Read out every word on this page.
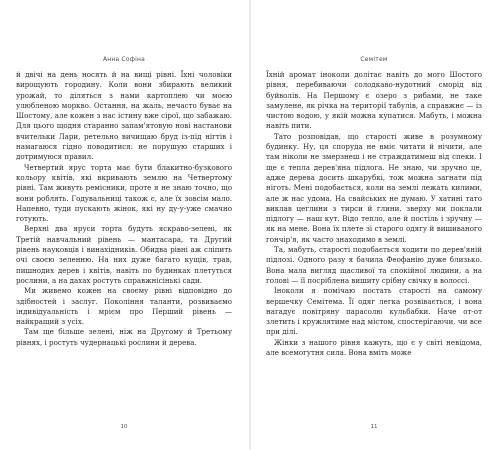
Анна Софіна

й двічі на день носять й на вищі рівні. Їхні чоловіки вирощують городину. Коли вони збирають великий урожай, то діляться з нами картоплею чи моєю улюбленою моркво. Остання, на жаль, нечасто буває на Шостому, але кожен з нас істину вже сірої, що забажаю. Для цього щодня старанно запам'ятовую нові настанови вчительки Лари, ретельно вичищаю бруд із-під нігтів і намагаюся гідно поводитися: не порушую старших і дотримуюся правил.

Четвертий ярус торта має бути блакитно-бузкового кольору квітів, які вкривають землю на Четвертому рівні. Там живуть ремісники, проте я не знаю точно, що вони роблять. Годувальниці також є, але їх зовсім мало. Напевно, туди пускають жінок, які ну ду-у-уже смачно готують.

Верхні два яруси торта будуть яскраво-зелені, як Третій навчальний рівень — мантасара, та Другий рівень науковців і винахідників. Обидва рівні аж сліпить очі своєю зеленню. На них дуже багато кущів, трав, пишнодих дерев і квітів, навіть по будинках плетуться рослини, а на дахах ростуть справжнісінькі сади.

Ми живемо кожен на своєму рівні відповідно до здібностей і заслуг. Покоління таланти, розвиваємо індивідуальність і мрієм про Перший рівень — найкращий з усіх.

Там ще більше зелені, ніж на Другому й Третьому рівнях, і ростуть чудернацькі рослини й дерева.

10
Семітем

Їхній аромат іноколи долітає навіть до мого Шостого рівня, перебиваючи солодкаво-нудотний сморід від буйволів. На Першому є озеро з рибами, не таке замулене, як річка на території табулів, а справжнє — із чистою водою, у якій можна купатися. Мабуть, і можна навіть пити.

Тато розповідав, що старості живе в розумному будинку. Ну, ця споруда не вміє читати й нічити, але там ніколи не змерзнеш і не страждатимеш від спеки. І ще є тепла дерев'яна підлога. Не знаю, чи зручно це, адже дерева досить шкарубкі, тож можна загнати під ніготь. Мені подобається, коли на землі лежать килими, але ж нас удома. На свайських не думаю. У хатині тато виклав цеглини з тирси й глини, зверху ми поклали підлогу — наш кут. Відо тепло, але й постіль і зручну — як на мене. Вона їх плете зі старого одягу й вишиваного гончір'я, як часто знаходимо в землі.

Та, мабуть, старості подобається ходити по дерев'яній підлозі. Одного разу я бачила Феофанію дуже близько. Вона мала вигляд щасливої та спокійної людини, а на голові — її посріблена вишиту срібну свічку в волоссі.

Іноколи я помічаю постать старості на самому вершечку Семітема. Її одяг легка розвівається, і вона нагадує повітряну парасолю кульбабки. Наче от-от злетить і кружлятиме над містом, спостерігаючи, чи все при ділі.

Жінки з нашого рівня кажуть, що є у світі невідома, але всемогутня сила. Вона вміть може

11
